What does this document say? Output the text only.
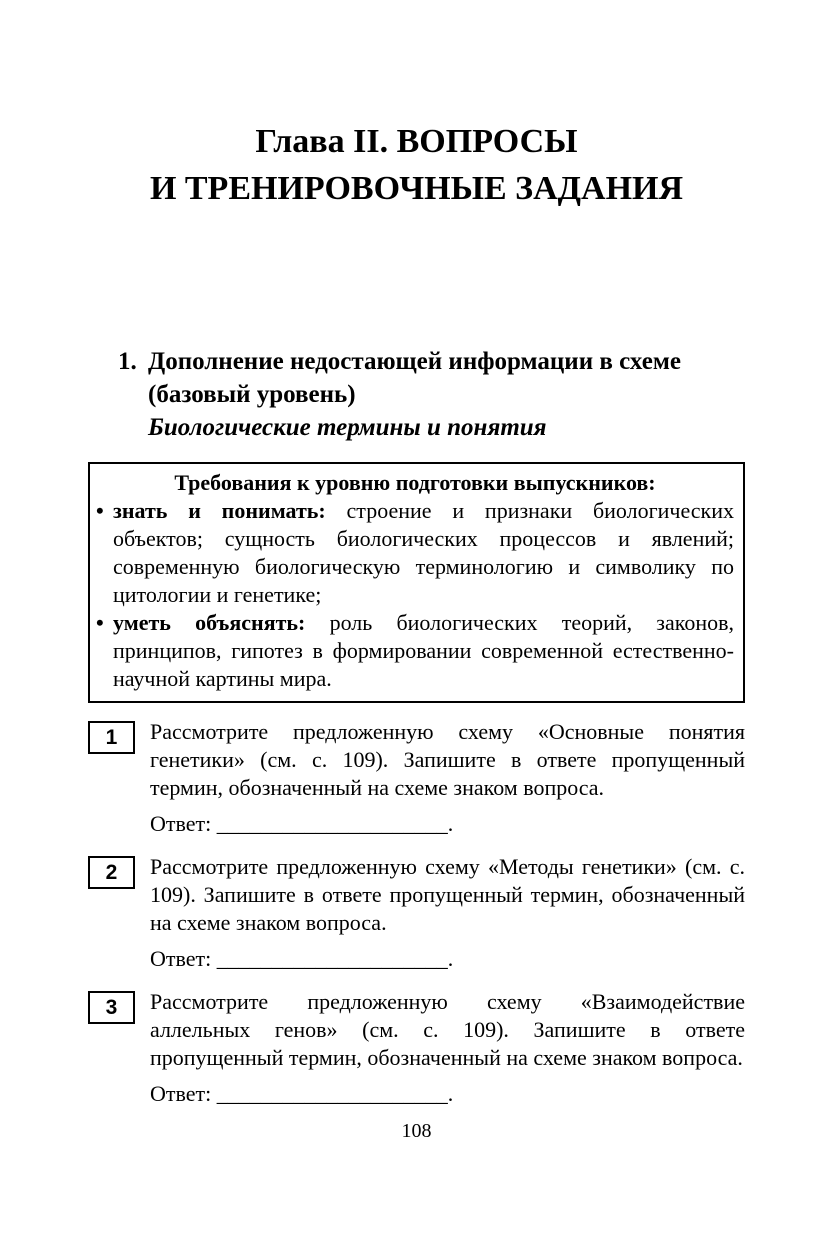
Глава II. ВОПРОСЫ
И ТРЕНИРОВОЧНЫЕ ЗАДАНИЯ
1. Дополнение недостающей информации в схеме
(базовый уровень)
Биологические термины и понятия
Требования к уровню подготовки выпускников:
• знать и понимать: строение и признаки биологических объектов; сущность биологических процессов и явлений; современную биологическую терминологию и символику по цитологии и генетике;
• уметь объяснять: роль биологических теорий, законов, принципов, гипотез в формировании современной естественно-научной картины мира.
1 Рассмотрите предложенную схему «Основные понятия генетики» (см. с. 109). Запишите в ответе пропущенный термин, обозначенный на схеме знаком вопроса.

Ответ: _____________________.

2 Рассмотрите предложенную схему «Методы генетики» (см. с. 109). Запишите в ответе пропущенный термин, обозначенный на схеме знаком вопроса.

Ответ: _____________________.

3 Рассмотрите предложенную схему «Взаимодействие аллельных генов» (см. с. 109). Запишите в ответе пропущенный термин, обозначенный на схеме знаком вопроса.

Ответ: _____________________.

108
